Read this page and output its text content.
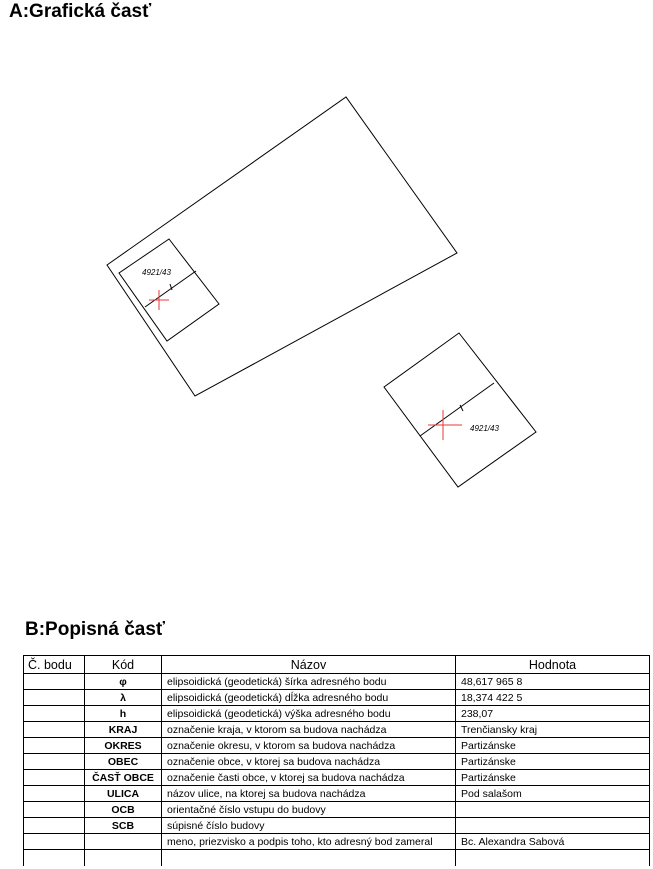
A:Grafická časť
4921/43
4921/43
B:Popisná časť
Č. bodu	Kód	Názov	Hodnota
	φ	elipsoidická (geodetická) šírka adresného bodu	48,617 965 8
	λ	elipsoidická (geodetická) dĺžka adresného bodu	18,374 422 5
	h	elipsoidická (geodetická) výška adresného bodu	238,07
	KRAJ	označenie kraja, v ktorom sa budova nachádza	Trenčiansky kraj
	OKRES	označenie okresu, v ktorom sa budova nachádza	Partizánske
	OBEC	označenie obce, v ktorej sa budova nachádza	Partizánske
	ČASŤ OBCE	označenie časti obce, v ktorej sa budova nachádza	Partizánske
	ULICA	názov ulice, na ktorej sa budova nachádza	Pod salašom
	OCB	orientačné číslo vstupu do budovy	
	SCB	súpisné číslo budovy	
		meno, priezvisko a podpis toho, kto adresný bod zameral	Bc. Alexandra Sabová
